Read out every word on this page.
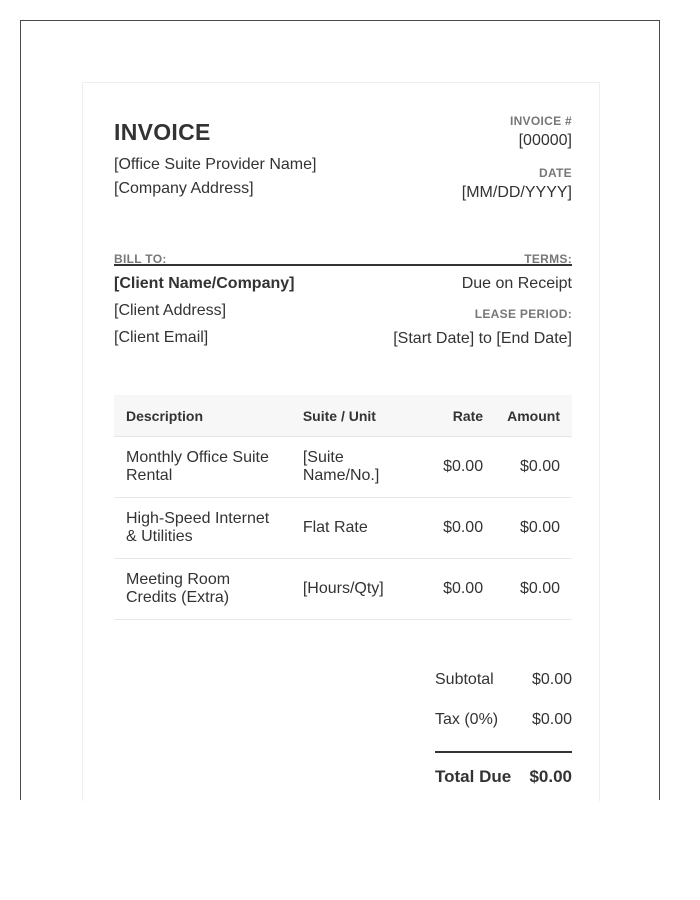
INVOICE
[Office Suite Provider Name]
[Company Address]
INVOICE #
[00000]
DATE
[MM/DD/YYYY]
BILL TO:
[Client Name/Company]
[Client Address]
[Client Email]
TERMS:
Due on Receipt
LEASE PERIOD:
[Start Date] to [End Date]
Description	Suite / Unit	Rate	Amount
Monthly Office Suite Rental	[Suite Name/No.]	$0.00	$0.00
High-Speed Internet & Utilities	Flat Rate	$0.00	$0.00
Meeting Room Credits (Extra)	[Hours/Qty]	$0.00	$0.00
Subtotal $0.00
Tax (0%) $0.00
Total Due $0.00
